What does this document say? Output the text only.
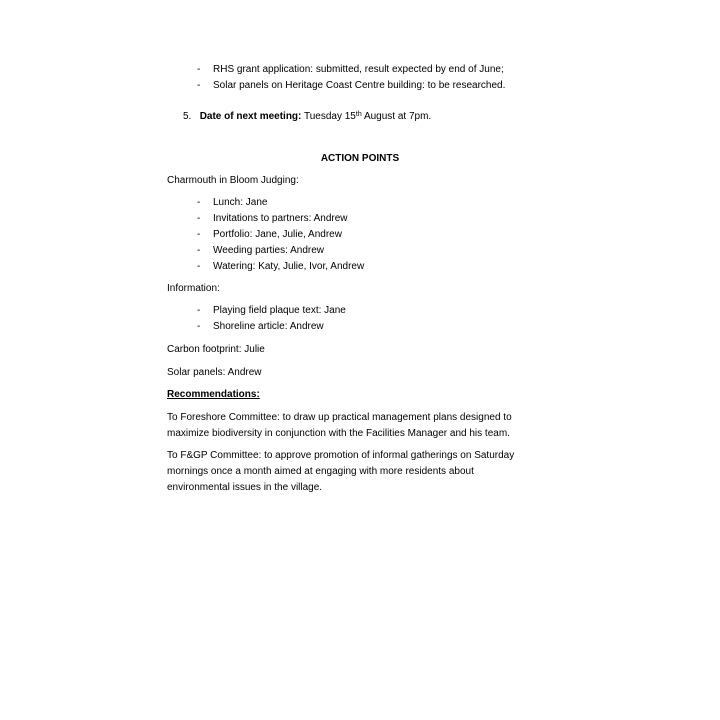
- RHS grant application: submitted, result expected by end of June;
- Solar panels on Heritage Coast Centre building: to be researched.
5. Date of next meeting: Tuesday 15th August at 7pm.
ACTION POINTS
Charmouth in Bloom Judging:
- Lunch: Jane
- Invitations to partners: Andrew
- Portfolio: Jane, Julie, Andrew
- Weeding parties: Andrew
- Watering: Katy, Julie, Ivor, Andrew
Information:
- Playing field plaque text: Jane
- Shoreline article: Andrew
Carbon footprint: Julie
Solar panels: Andrew
Recommendations:
To Foreshore Committee: to draw up practical management plans designed to
maximize biodiversity in conjunction with the Facilities Manager and his team.
To F&GP Committee: to approve promotion of informal gatherings on Saturday
mornings once a month aimed at engaging with more residents about
environmental issues in the village.
